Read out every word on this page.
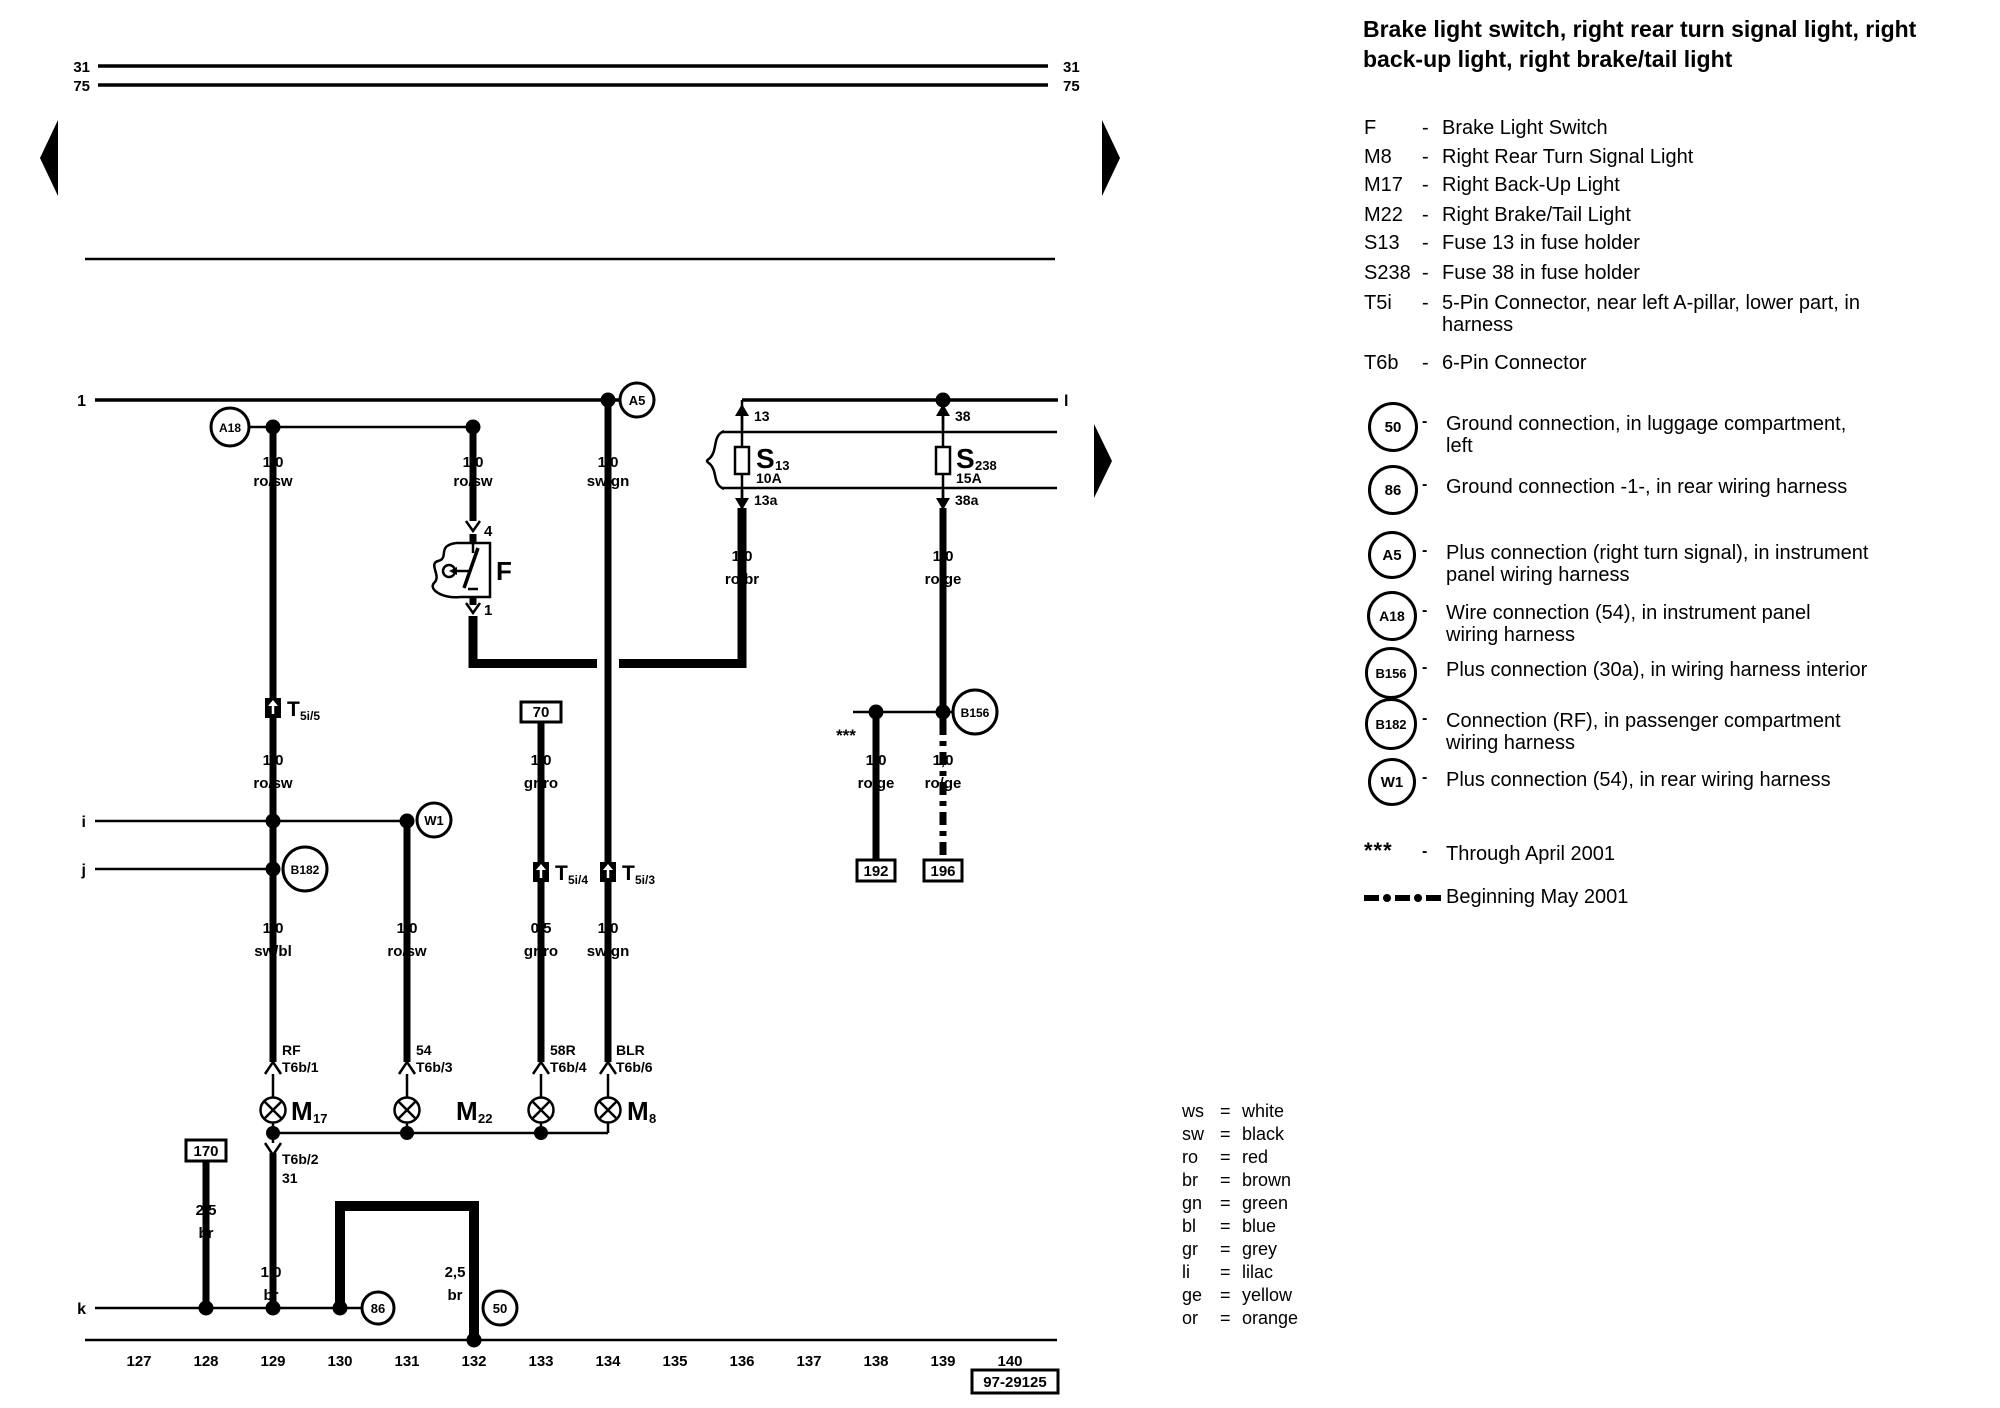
31
75
31
75
1	l
i
j
k
S 13
10A
S 238
15A
13	38
13a	38a
F
4
1
T 5i/5
T 5i/4 T 5i/3
RF
T6b/1
54
T6b/3
58R
T6b/4
BLR
T6b/6
T6b/2
31
M 17	M 22	M 8
A18
A5
W1
B182
B156
86	50
70
170
192	196
97-29125
1,0
ro/sw
1,0
ro/sw
1,0
sw/gn
1,0
ro/br
1,0
ro/ge
1,0
ro/sw
1,0
gr/ro
1,0
ro/ge
1,0
ro/ge
1,0
sw/bl
1,0
ro/sw
0,5
gr/ro
1,0
sw/gn
2,5
br
1,0
br
2,5
br
***
127	128	129	130	131	132	133	134	135	136	137	138	139	140
Brake light switch, right rear turn signal light, right
back-up light, right brake/tail light
F - Brake Light Switch
M8 - Right Rear Turn Signal Light
M17 - Right Back-Up Light
M22 - Right Brake/Tail Light
S13 - Fuse 13 in fuse holder
S238 - Fuse 38 in fuse holder
T5i - 5-Pin Connector, near left A-pillar, lower part, in
harness
T6b - 6-Pin Connector
50	- Ground connection, in luggage compartment,
left
86	- Ground connection -1-, in rear wiring harness
A5	- Plus connection (right turn signal), in instrument
panel wiring harness
A18	- Wire connection (54), in instrument panel
wiring harness
B156 - Plus connection (30a), in wiring harness interior
B182 - Connection (RF), in passenger compartment
wiring harness
W1	- Plus connection (54), in rear wiring harness
*** - Through April 2001
Beginning May 2001
ws = white
sw = black
ro = red
br = brown
gn = green
bl = blue
gr = grey
li = lilac
ge = yellow
or = orange
